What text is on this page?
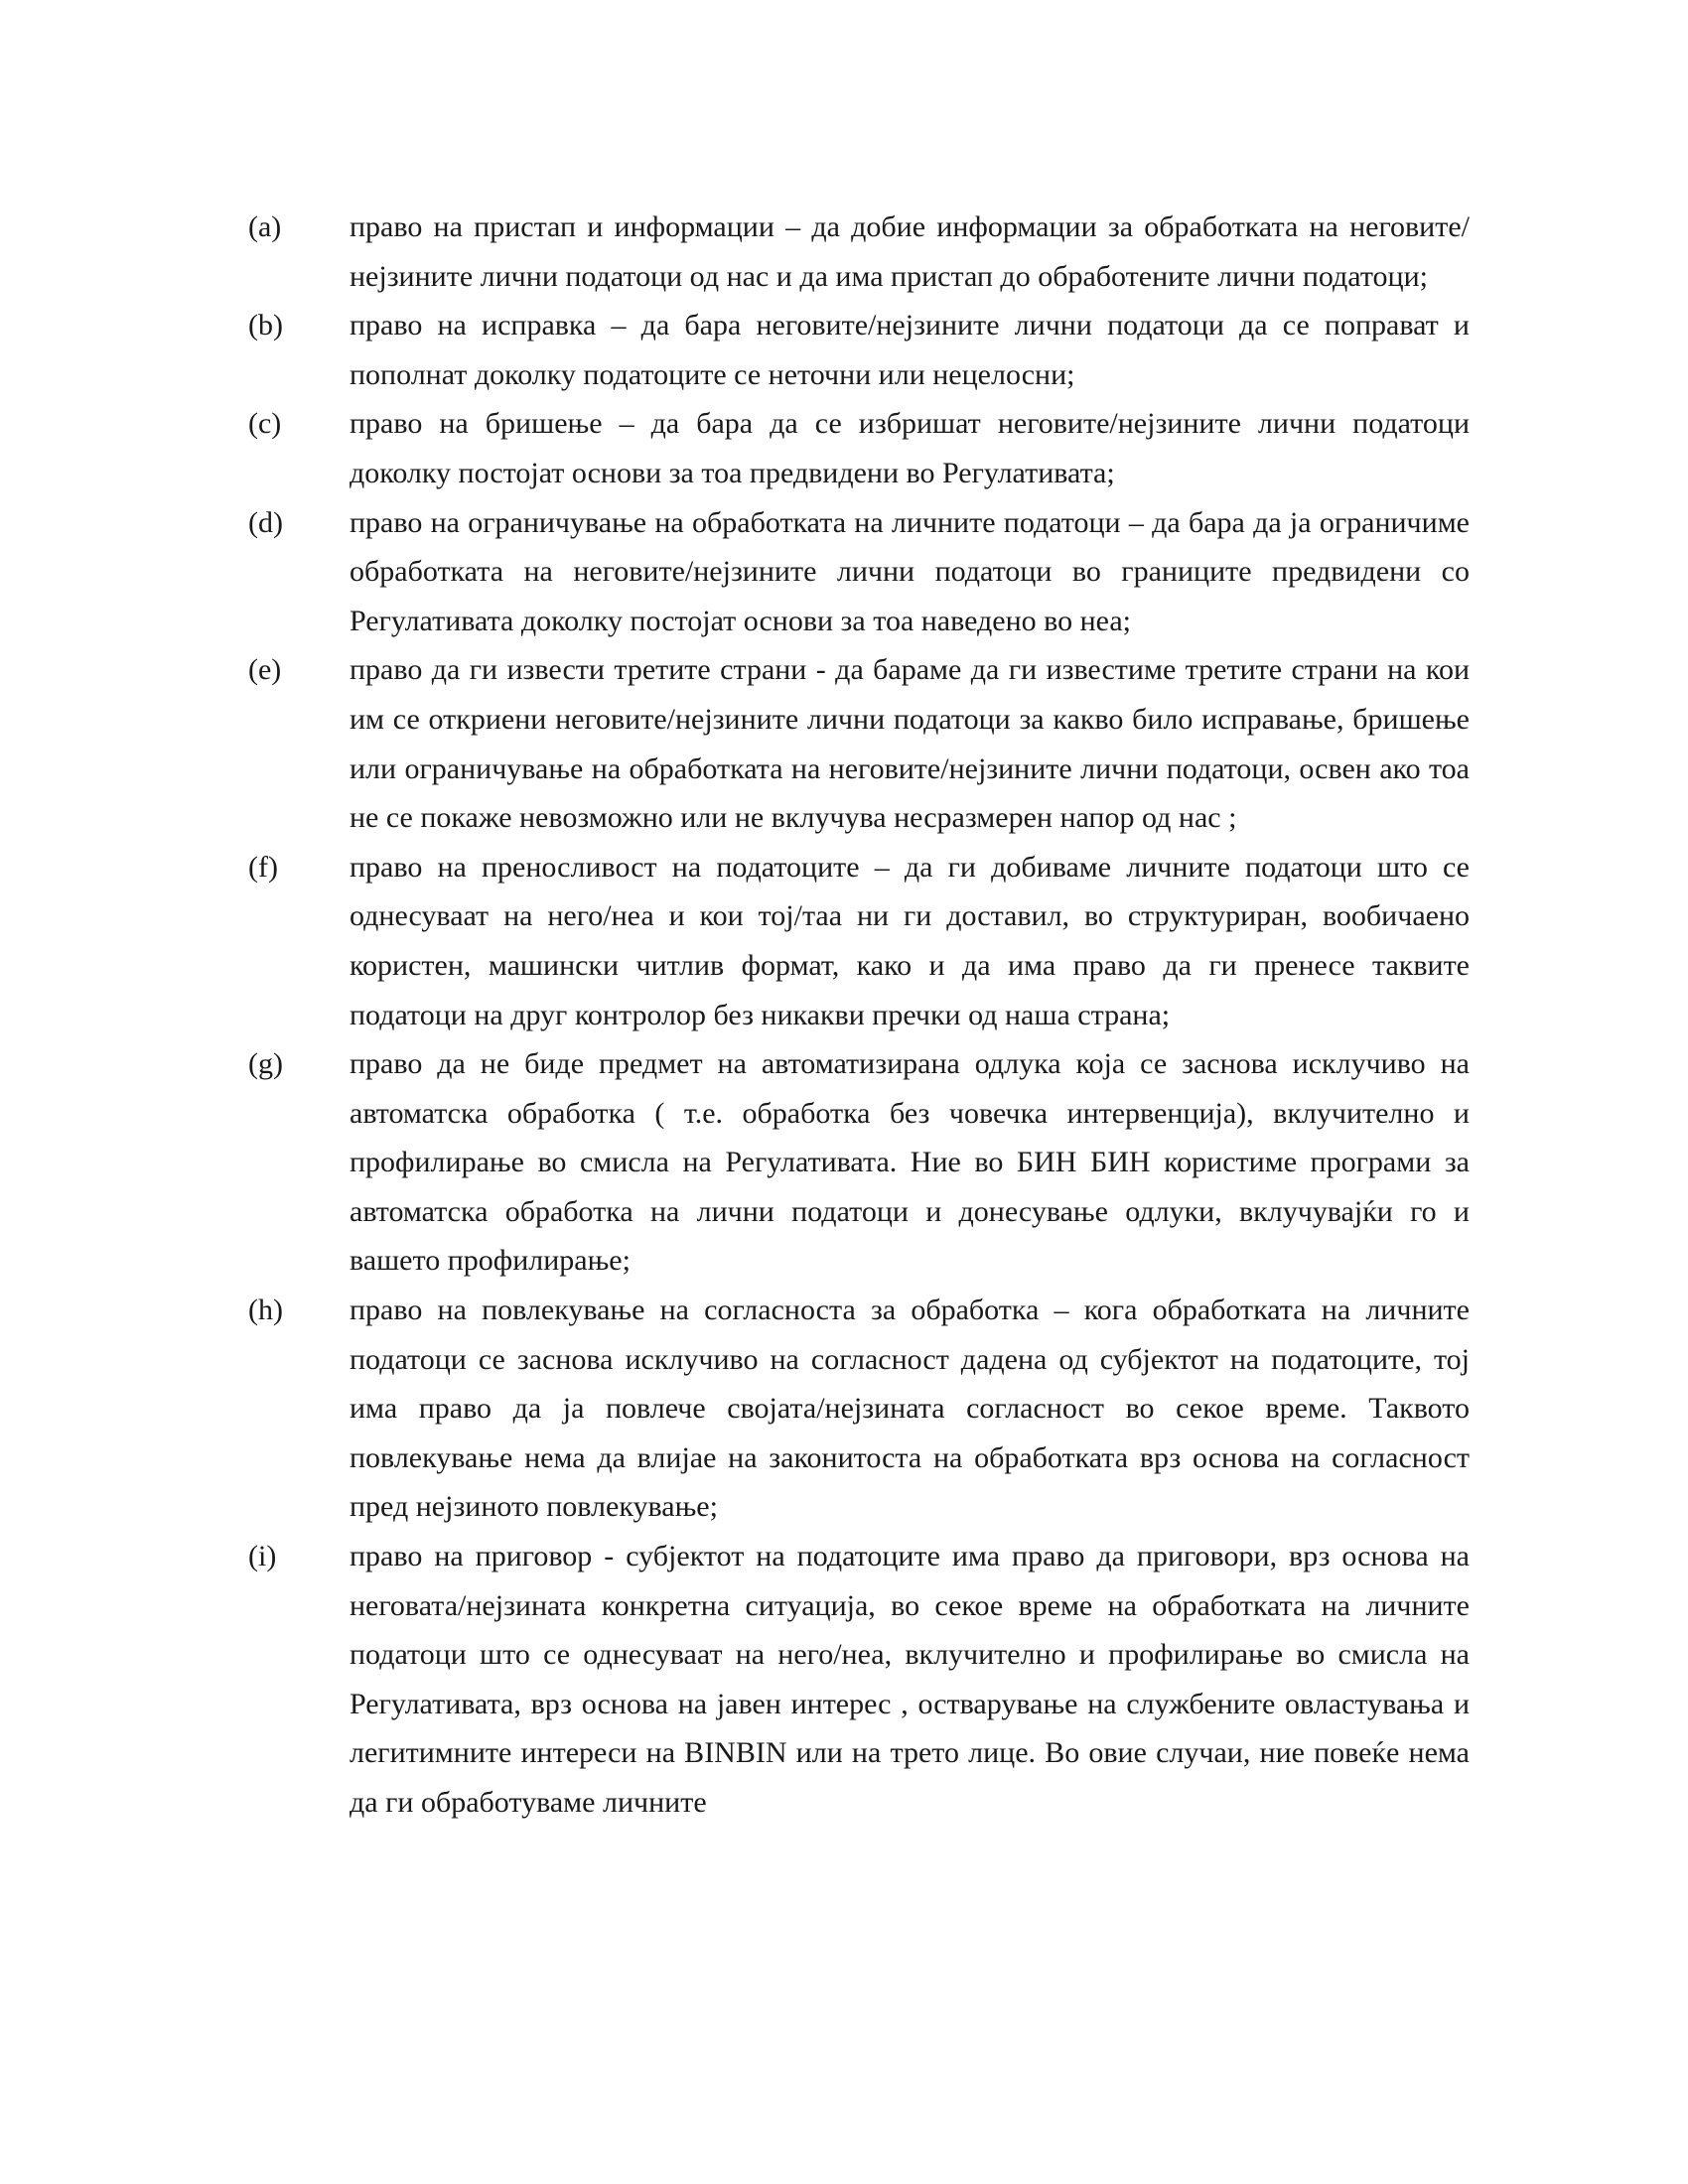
(a)	право на пристап и информации – да добие информации за обработката на неговите/нејзините лични податоци од нас и да има пристап до обработените лични податоци;

(b)	право на исправка – да бара неговите/нејзините лични податоци да се поправат и пополнат доколку податоците се неточни или нецелосни;

(c)	право на бришење – да бара да се избришат неговите/нејзините лични податоци доколку постојат основи за тоа предвидени во Регулативата;

(d)	право на ограничување на обработката на личните податоци – да бара да ја ограничиме обработката на неговите/нејзините лични податоци во границите предвидени со Регулативата доколку постојат основи за тоа наведено во неа;

(e)	право да ги извести третите страни - да бараме да ги известиме третите страни на кои им се откриени неговите/нејзините лични податоци за какво било исправање, бришење или ограничување на обработката на неговите/нејзините лични податоци, освен ако тоа не се покаже невозможно или не вклучува несразмерен напор од нас ;

(f)	право на преносливост на податоците – да ги добиваме личните податоци што се однесуваат на него/неа и кои тој/таа ни ги доставил, во структуриран, вообичаено користен, машински читлив формат, како и да има право да ги пренесе таквите податоци на друг контролор без никакви пречки од наша страна;

(g)	право да не биде предмет на автоматизирана одлука која се заснова исклучиво на автоматска обработка ( т.е. обработка без човечка интервенција), вклучително и профилирање во смисла на Регулативата. Ние во БИН БИН користиме програми за автоматска обработка на лични податоци и донесување одлуки, вклучувајќи го и вашето профилирање;

(h)	право на повлекување на согласноста за обработка – кога обработката на личните податоци се заснова исклучиво на согласност дадена од субјектот на податоците, тој има право да ја повлече својата/нејзината согласност во секое време. Таквото повлекување нема да влијае на законитоста на обработката врз основа на согласност пред нејзиното повлекување;

(i)	право на приговор - субјектот на податоците има право да приговори, врз основа на неговата/нејзината конкретна ситуација, во секое време на обработката на личните податоци што се однесуваат на него/неа, вклучително и профилирање во смисла на Регулативата, врз основа на јавен интерес , остварување на службените овластувања и легитимните интереси на BINBIN или на трето лице. Во овие случаи, ние повеќе нема да ги обработуваме личните
